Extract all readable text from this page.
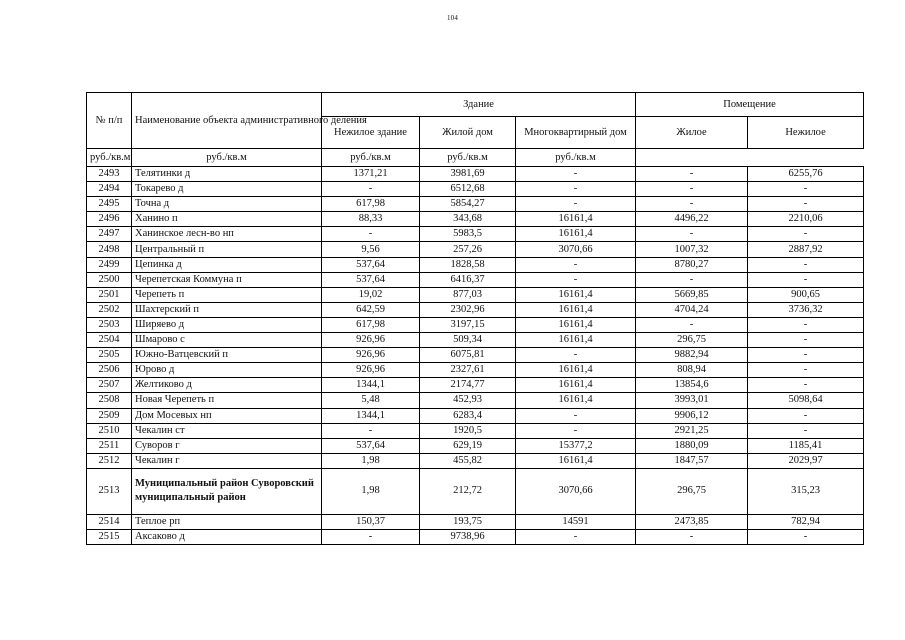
104
№ п/п	Наименование объекта административного деления	Здание			Помещение	
		Нежилое здание	Жилой дом	Многоквартирный дом	Жилое	Нежилое
руб./кв.м	руб./кв.м	руб./кв.м	руб./кв.м	руб./кв.м		
2493	Телятинки д	1371,21	3981,69	-	-	6255,76
2494	Токарево д	-	6512,68	-	-	-
2495	Точна д	617,98	5854,27	-	-	-
2496	Ханино п	88,33	343,68	16161,4	4496,22	2210,06
2497	Ханинское лесн-во нп	-	5983,5	16161,4	-	-
2498	Центральный п	9,56	257,26	3070,66	1007,32	2887,92
2499	Цепинка д	537,64	1828,58	-	8780,27	-
2500	Черепетская Коммуна п	537,64	6416,37	-	-	-
2501	Черепеть п	19,02	877,03	16161,4	5669,85	900,65
2502	Шахтерский п	642,59	2302,96	16161,4	4704,24	3736,32
2503	Ширяево д	617,98	3197,15	16161,4	-	-
2504	Шмарово с	926,96	509,34	16161,4	296,75	-
2505	Южно-Ватцевский п	926,96	6075,81	-	9882,94	-
2506	Юрово д	926,96	2327,61	16161,4	808,94	-
2507	Желтиково д	1344,1	2174,77	16161,4	13854,6	-
2508	Новая Черепеть п	5,48	452,93	16161,4	3993,01	5098,64
2509	Дом Мосевых нп	1344,1	6283,4	-	9906,12	-
2510	Чекалин ст	-	1920,5	-	2921,25	-
2511	Суворов г	537,64	629,19	15377,2	1880,09	1185,41
2512	Чекалин г	1,98	455,82	16161,4	1847,57	2029,97
2513	Муниципальный район Суворовский муниципальный район	1,98	212,72	3070,66	296,75	315,23
2514	Теплое рп	150,37	193,75	14591	2473,85	782,94
2515	Аксаково д	-	9738,96	-	-	-
